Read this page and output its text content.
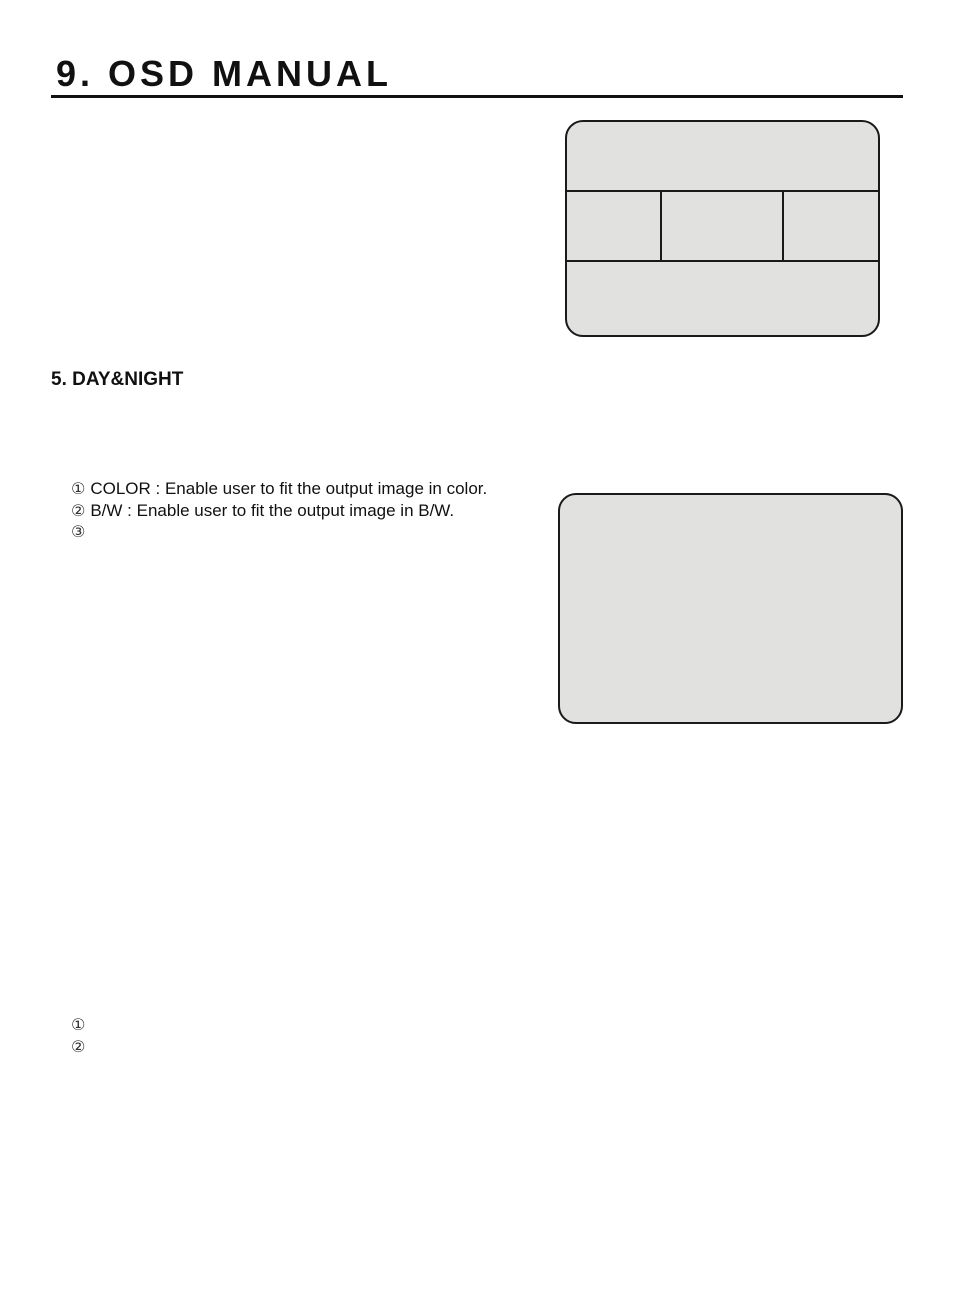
9. OSD MANUAL
5. DAY&NIGHT
① COLOR : Enable user to fit the output image in color.
② B/W : Enable user to fit the output image in B/W.
③
①
②
